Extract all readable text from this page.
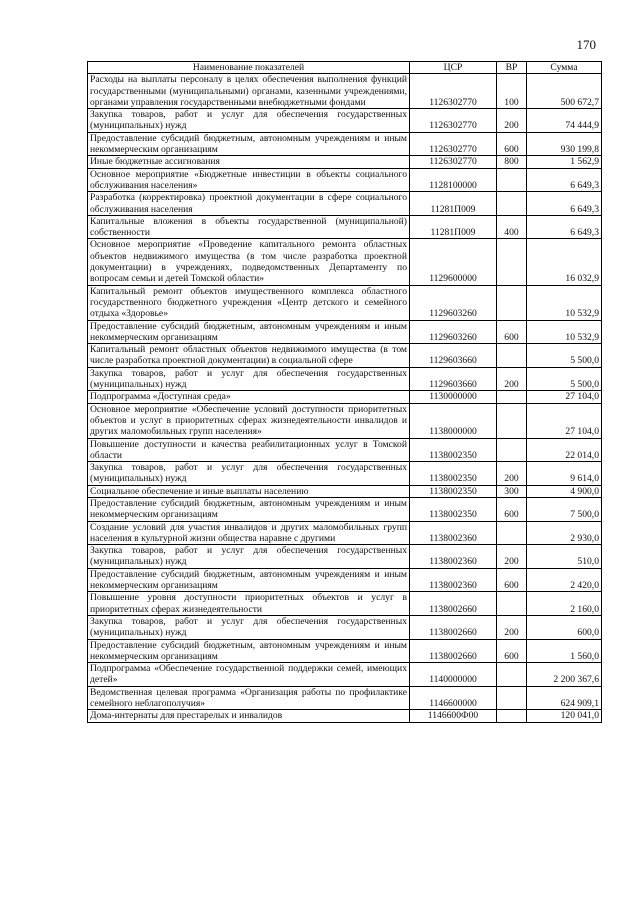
170
Наименование показателей	ЦСР	ВР	Сумма
Расходы на выплаты персоналу в целях обеспечения выполнения функций государственными (муниципальными) органами, казенными учреждениями, органами управления государственными внебюджетными фондами	1126302770	100	500 672,7
Закупка товаров, работ и услуг для обеспечения государственных (муниципальных) нужд	1126302770	200	74 444,9
Предоставление субсидий бюджетным, автономным учреждениям и иным некоммерческим организациям	1126302770	600	930 199,8
Иные бюджетные ассигнования	1126302770	800	1 562,9
Основное мероприятие «Бюджетные инвестиции в объекты социального обслуживания населения»	1128100000		6 649,3
Разработка (корректировка) проектной документации в сфере социального обслуживания населения	11281П009		6 649,3
Капитальные вложения в объекты государственной (муниципальной) собственности	11281П009	400	6 649,3
Основное мероприятие «Проведение капитального ремонта областных объектов недвижимого имущества (в том числе разработка проектной документации) в учреждениях, подведомственных Департаменту по вопросам семьи и детей Томской области»	1129600000		16 032,9
Капитальный ремонт объектов имущественного комплекса областного государственного бюджетного учреждения «Центр детского и семейного отдыха «Здоровье»	1129603260		10 532,9
Предоставление субсидий бюджетным, автономным учреждениям и иным некоммерческим организациям	1129603260	600	10 532,9
Капитальный ремонт областных объектов недвижимого имущества (в том числе разработка проектной документации) в социальной сфере	1129603660		5 500,0
Закупка товаров, работ и услуг для обеспечения государственных (муниципальных) нужд	1129603660	200	5 500,0
Подпрограмма «Доступная среда»	1130000000		27 104,0
Основное мероприятие «Обеспечение условий доступности приоритетных объектов и услуг в приоритетных сферах жизнедеятельности инвалидов и других маломобильных групп населения»	1138000000		27 104,0
Повышение доступности и качества реабилитационных услуг в Томской области	1138002350		22 014,0
Закупка товаров, работ и услуг для обеспечения государственных (муниципальных) нужд	1138002350	200	9 614,0
Социальное обеспечение и иные выплаты населению	1138002350	300	4 900,0
Предоставление субсидий бюджетным, автономным учреждениям и иным некоммерческим организациям	1138002350	600	7 500,0
Создание условий для участия инвалидов и других маломобильных групп населения в культурной жизни общества наравне с другими	1138002360		2 930,0
Закупка товаров, работ и услуг для обеспечения государственных (муниципальных) нужд	1138002360	200	510,0
Предоставление субсидий бюджетным, автономным учреждениям и иным некоммерческим организациям	1138002360	600	2 420,0
Повышение уровня доступности приоритетных объектов и услуг в приоритетных сферах жизнедеятельности	1138002660		2 160,0
Закупка товаров, работ и услуг для обеспечения государственных (муниципальных) нужд	1138002660	200	600,0
Предоставление субсидий бюджетным, автономным учреждениям и иным некоммерческим организациям	1138002660	600	1 560,0
Подпрограмма «Обеспечение государственной поддержки семей, имеющих детей»	1140000000		2 200 367,6
Ведомственная целевая программа «Организация работы по профилактике семейного неблагополучия»	1146600000		624 909,1
Дома-интернаты для престарелых и инвалидов	1146600Ф00		120 041,0
